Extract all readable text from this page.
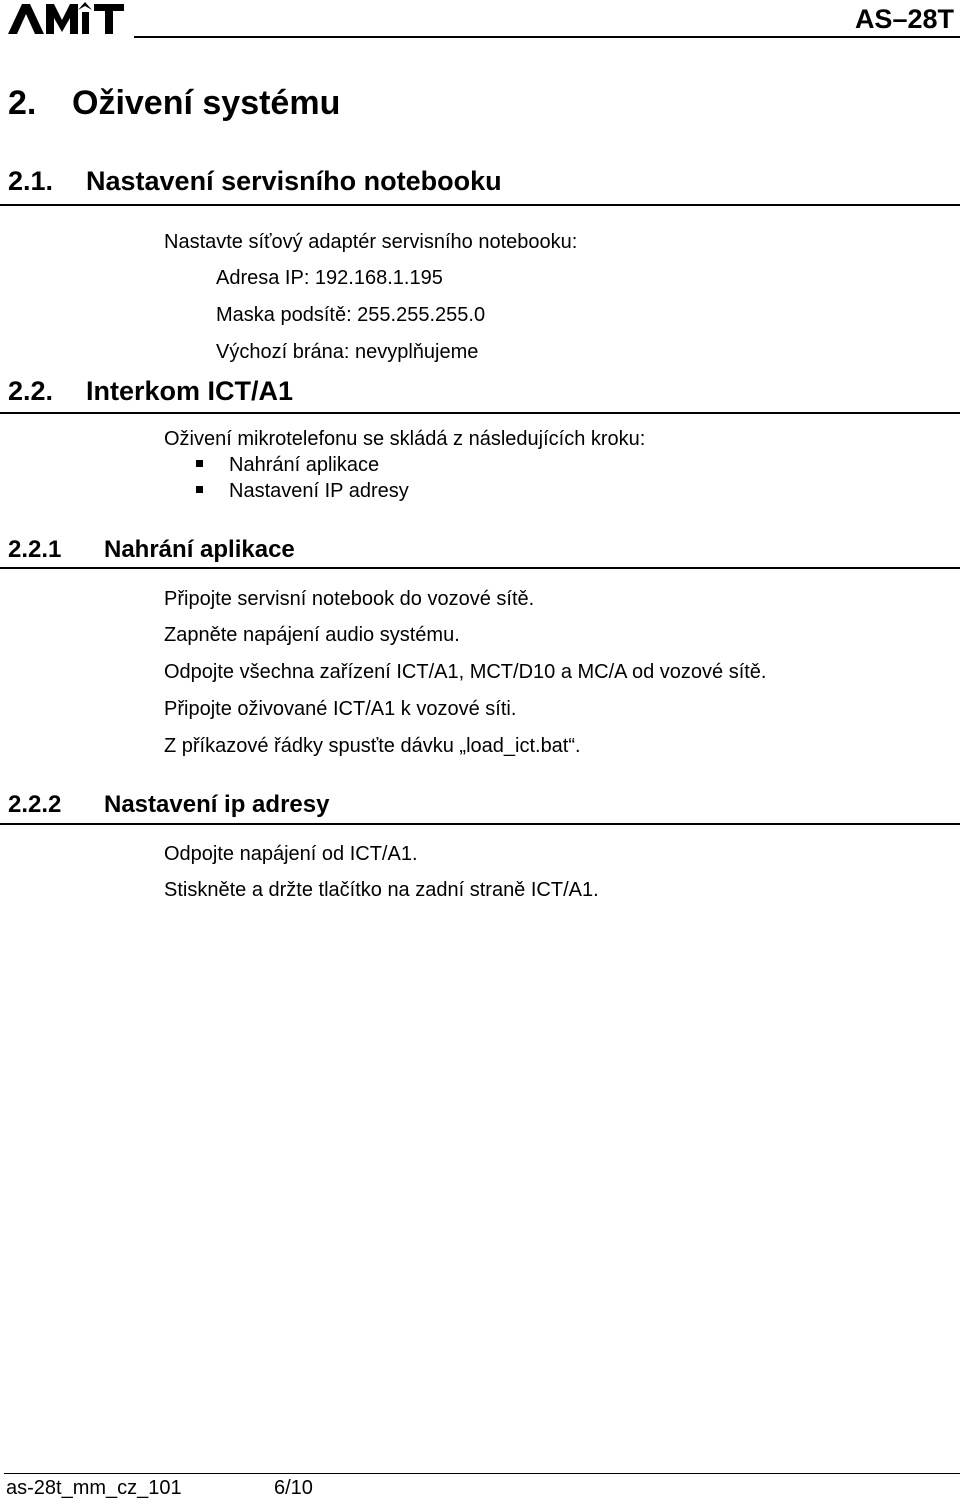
AS–28T
2. Oživení systému
2.1. Nastavení servisního notebooku
Nastavte síťový adaptér servisního notebooku:
Adresa IP: 192.168.1.195
Maska podsítě: 255.255.255.0
Výchozí brána: nevyplňujeme
2.2. Interkom ICT/A1
Oživení mikrotelefonu se skládá z následujících kroku:
Nahrání aplikace
Nastavení IP adresy
2.2.1 Nahrání aplikace
Připojte servisní notebook do vozové sítě.
Zapněte napájení audio systému.
Odpojte všechna zařízení ICT/A1, MCT/D10 a MC/A od vozové sítě.
Připojte oživované ICT/A1 k vozové síti.
Z příkazové řádky spusťte dávku „load_ict.bat“.
2.2.2 Nastavení ip adresy
Odpojte napájení od ICT/A1.
Stiskněte a držte tlačítko na zadní straně ICT/A1.
as-28t_mm_cz_101	6/10
